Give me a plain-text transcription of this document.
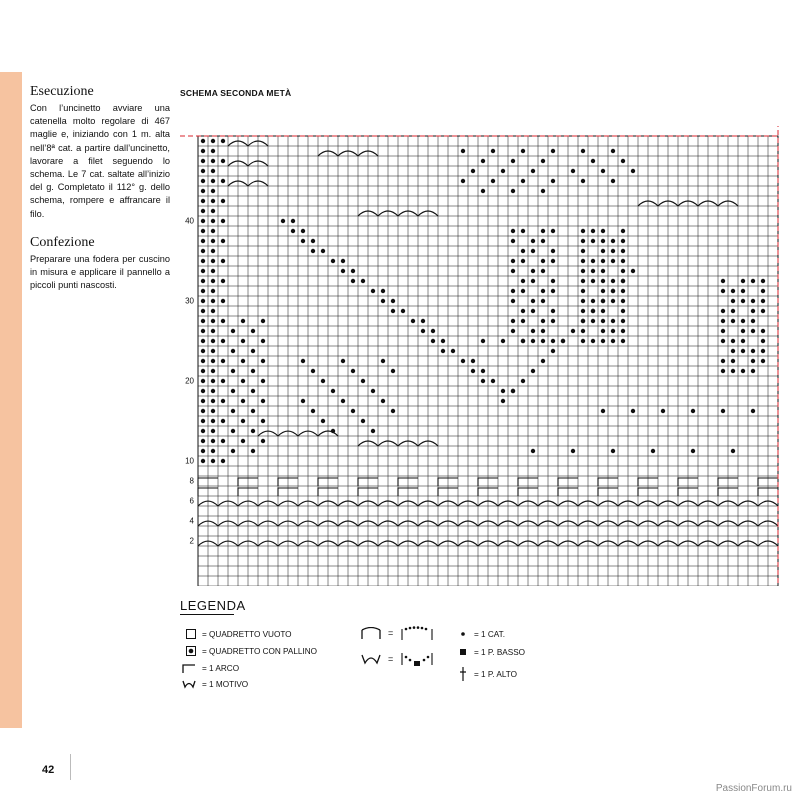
Esecuzione

Con l’uncinetto avviare una catenella molto regolare di 467 maglie e, iniziando con 1 m. alta nell’8ª cat. a partire dall’uncinetto, lavorare a filet seguendo lo schema. Le 7 cat. saltate all’inizio del g. Completato il 112° g. dello schema, rompere e affrancare il filo.

Confezione

Preparare una fodera per cuscino in misura e applicare il pannello a piccoli punti nascosti.

SCHEMA SECONDA METÀ
40
30
20
10
8
6
4
2
LEGENDA
= QUADRETTO VUOTO
= QUADRETTO CON PALLINO
= 1 ARCO
= 1 MOTIVO
=
=
= 1 CAT.
= 1 P. BASSO
= 1 P. ALTO
42
PassionForum.ru
